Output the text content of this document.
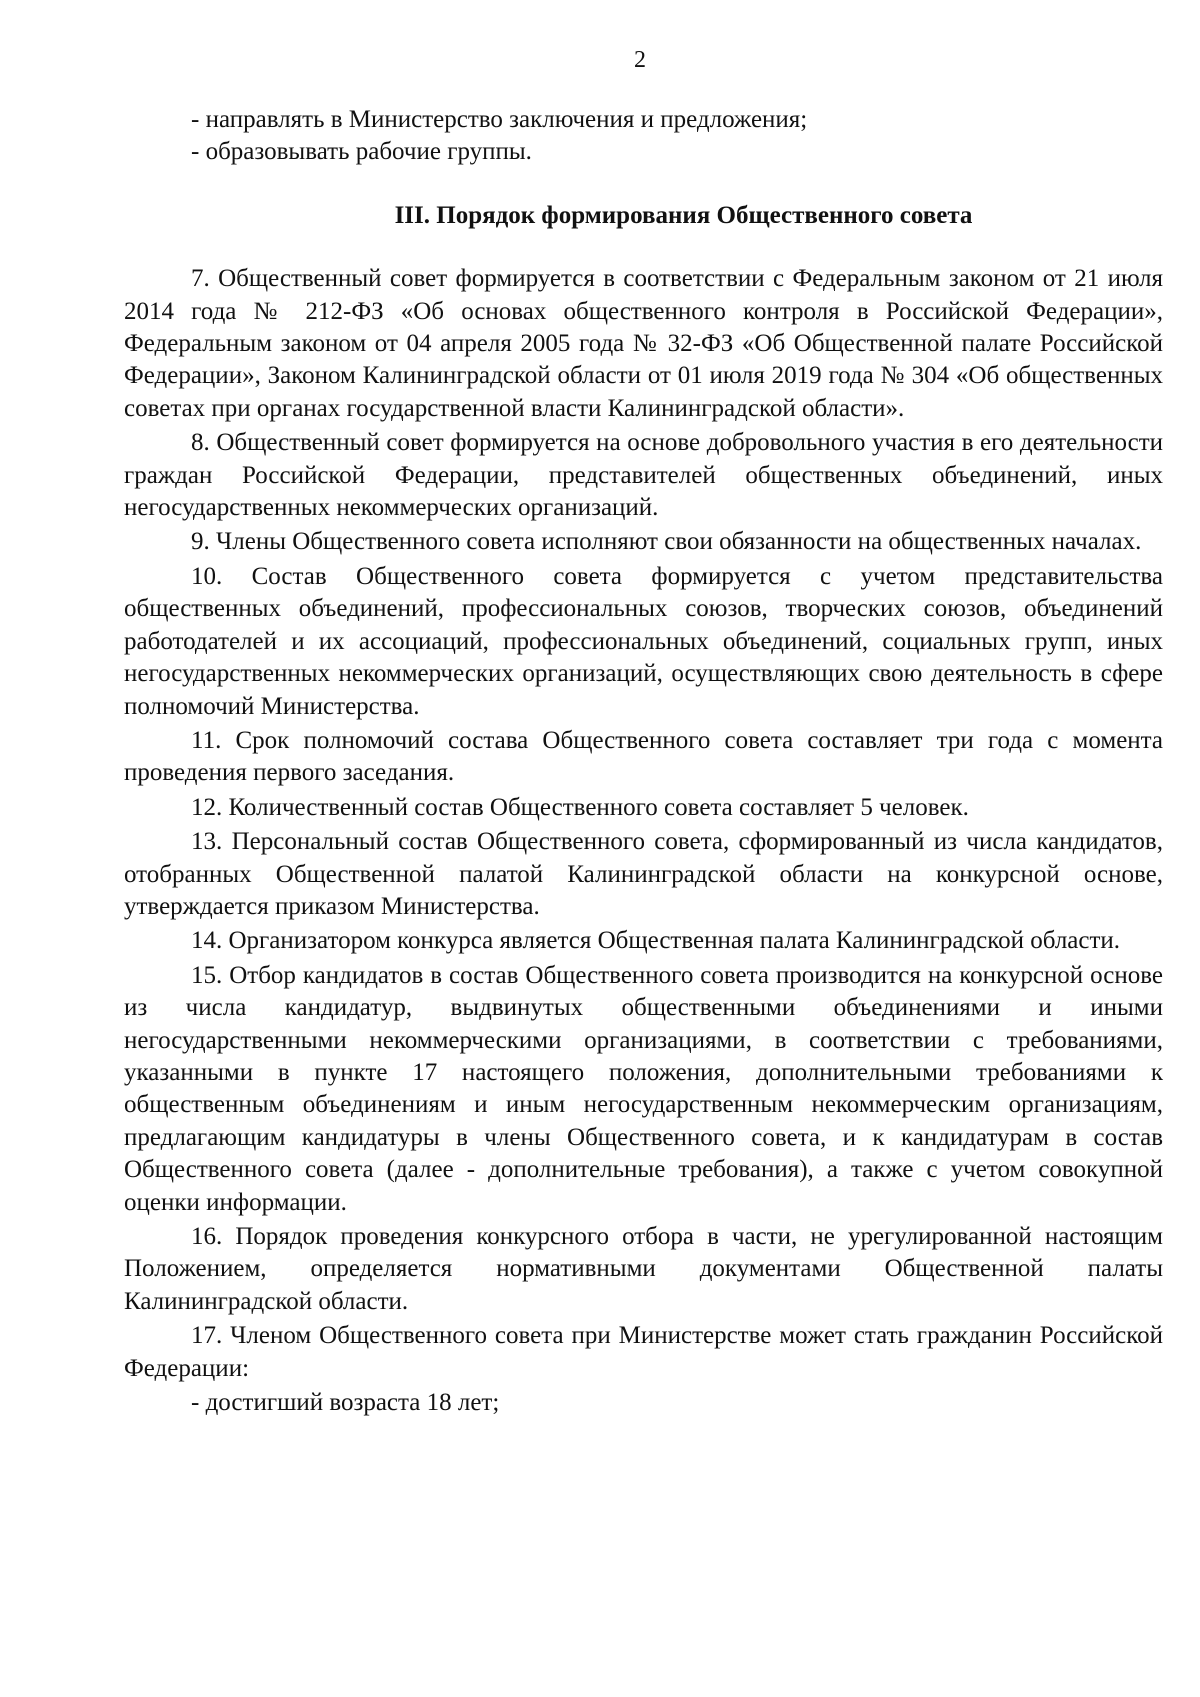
2

- направлять в Министерство заключения и предложения;

- образовывать рабочие группы.

III. Порядок формирования Общественного совета

7. Общественный совет формируется в соответствии с Федеральным законом от 21 июля 2014 года № 212-ФЗ «Об основах общественного контроля в Российской Федерации», Федеральным законом от 04 апреля 2005 года № 32-ФЗ «Об Общественной палате Российской Федерации», Законом Калининградской области от 01 июля 2019 года № 304 «Об общественных советах при органах государственной власти Калининградской области».

8. Общественный совет формируется на основе добровольного участия в его деятельности граждан Российской Федерации, представителей общественных объединений, иных негосударственных некоммерческих организаций.

9. Члены Общественного совета исполняют свои обязанности на общественных началах.

10. Состав Общественного совета формируется с учетом представительства общественных объединений, профессиональных союзов, творческих союзов, объединений работодателей и их ассоциаций, профессиональных объединений, социальных групп, иных негосударственных некоммерческих организаций, осуществляющих свою деятельность в сфере полномочий Министерства.

11. Срок полномочий состава Общественного совета составляет три года с момента проведения первого заседания.

12. Количественный состав Общественного совета составляет 5 человек.

13. Персональный состав Общественного совета, сформированный из числа кандидатов, отобранных Общественной палатой Калининградской области на конкурсной основе, утверждается приказом Министерства.

14. Организатором конкурса является Общественная палата Калининградской области.

15. Отбор кандидатов в состав Общественного совета производится на конкурсной основе из числа кандидатур, выдвинутых общественными объединениями и иными негосударственными некоммерческими организациями, в соответствии с требованиями, указанными в пункте 17 настоящего положения, дополнительными требованиями к общественным объединениям и иным негосударственным некоммерческим организациям, предлагающим кандидатуры в члены Общественного совета, и к кандидатурам в состав Общественного совета (далее - дополнительные требования), а также с учетом совокупной оценки информации.

16. Порядок проведения конкурсного отбора в части, не урегулированной настоящим Положением, определяется нормативными документами Общественной палаты Калининградской области.

17. Членом Общественного совета при Министерстве может стать гражданин Российской Федерации:

- достигший возраста 18 лет;
